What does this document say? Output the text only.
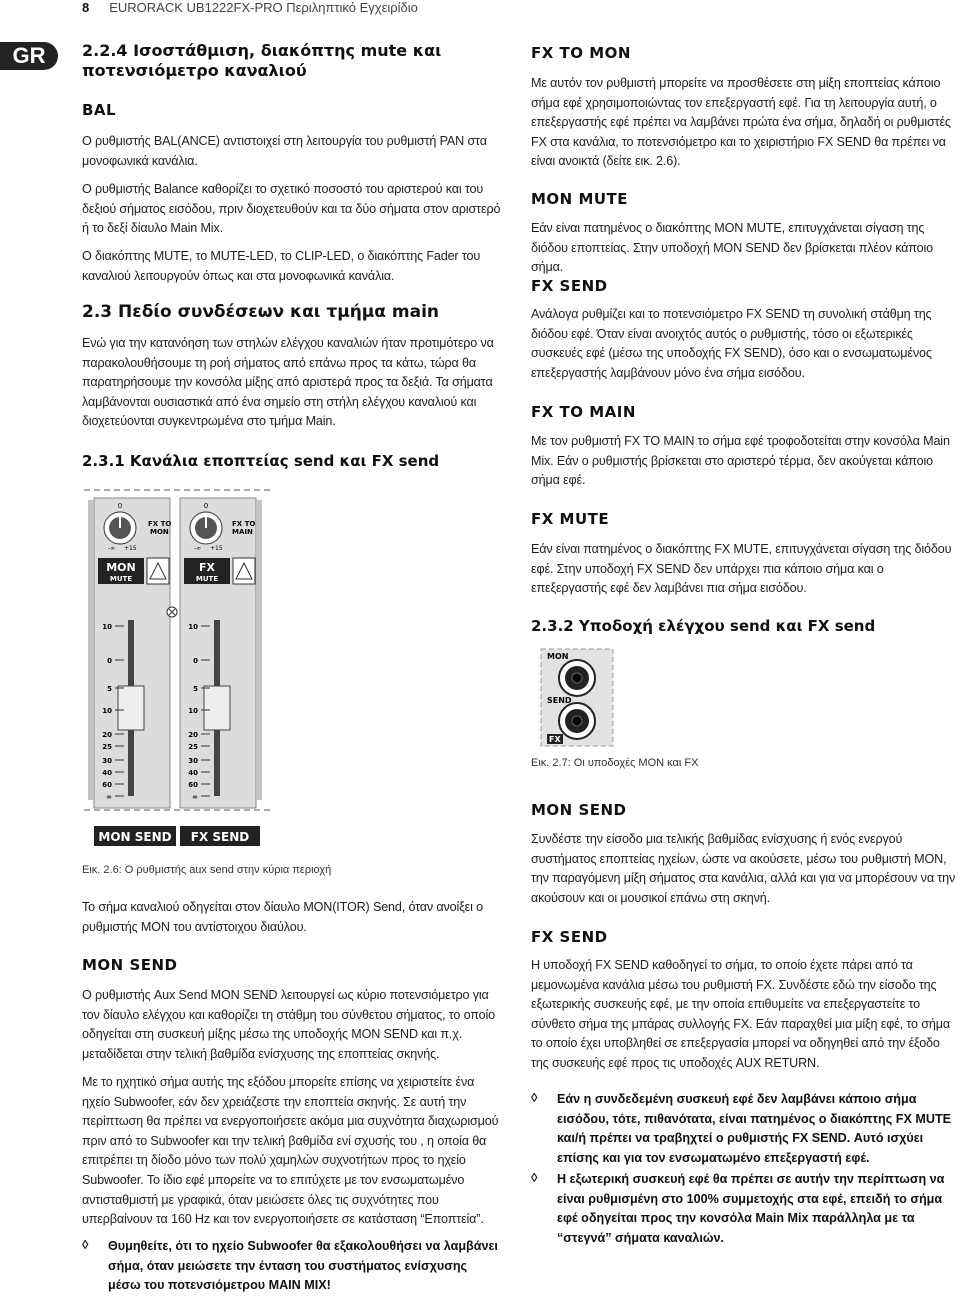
8 EURORACK UB1222FX-PRO Περιληπτικό Εγχειρίδιο
GR	2.2.4 Ισοστάθμιση, διακόπτης mute και ποτενσιόμετρο καναλιού

BAL

Ο ρυθμιστής BAL(ANCE) αντιστοιχεί στη λειτουργία του ρυθμιστή PAN στα μονοφωνικά κανάλια.

Ο ρυθμιστής Balance καθορίζει το σχετικό ποσοστό του αριστερού και του δεξιού σήματος εισόδου, πριν διοχετευθούν και τα δύο σήματα στον αριστερό ή το δεξί δίαυλο Main Mix.

Ο διακόπτης MUTE, το MUTE-LED, το CLIP-LED, ο διακόπτης Fader του καναλιού λειτουργούν όπως και στα μονοφωνικά κανάλια.

2.3 Πεδίο συνδέσεων και τμήμα main

Ενώ για την κατανόηση των στηλών ελέγχου καναλιών ήταν προτιμότερο να παρακολουθήσουμε τη ροή σήματος από επάνω προς τα κάτω, τώρα θα παρατηρήσουμε την κονσόλα μίξης από αριστερά προς τα δεξιά. Τα σήματα λαμβάνονται ουσιαστικά από ένα σημείο στη στήλη ελέγχου καναλιού και διοχετεύονται συγκεντρωμένα στο τμήμα Main.

2.3.1 Κανάλια εποπτείας send και FX send

0	0
-∞ +15	-∞ +15
FX TO
MON
FX TO
MAIN
MON
MUTE
FX
MUTE
10
0
5
10
20
25
30
40
60
∞
10
0
5
10
20
25
30
40
60
∞
MON SEND FX SEND

Εικ. 2.6: Ο ρυθμιστής aux send στην κύρια περιοχή

Το σήμα καναλιού οδηγείται στον δίαυλο MON(ITOR) Send, όταν ανοίξει ο ρυθμιστής MON του αντίστοιχου διαύλου.

MON SEND

Ο ρυθμιστής Aux Send MON SEND λειτουργεί ως κύριο ποτενσιόμετρο για τον δίαυλο ελέγχου και καθορίζει τη στάθμη του σύνθετου σήματος, το οποίο οδηγείται στη συσκευή μίξης μέσω της υποδοχής MON SEND και π.χ. μεταδίδεται στην τελική βαθμίδα ενίσχυσης της εποπτείας σκηνής.

Με το ηχητικό σήμα αυτής της εξόδου μπορείτε επίσης να χειριστείτε ένα ηχείο Subwoofer, εάν δεν χρειάζεστε την εποπτεία σκηνής. Σε αυτή την περίπτωση θα πρέπει να ενεργοποιήσετε ακόμα μια συχνότητα διαχωρισμού πριν από το Subwoofer και την τελική βαθμίδα ενί σχυσής του , η οποία θα επιτρέπει τη δίοδο μόνο των πολύ χαμηλών συχνοτήτων προς το ηχείο Subwoofer. Το ίδιο εφέ μπορείτε να το επιτύχετε με τον ενσωματωμένο αντισταθμιστή με γραφικά, όταν μειώσετε όλες τις συχνότητες που υπερβαίνουν τα 160 Hz και τον ενεργοποιήσετε σε κατάσταση “Εποπτεία”.

◊ Θυμηθείτε, ότι το ηχείο Subwoofer θα εξακολουθήσει να λαμβάνει σήμα, όταν μειώσετε την ένταση του συστήματος ενίσχυσης μέσω του ποτενσιόμετρου MAIN MIX!

FX TO MON

Με αυτόν τον ρυθμιστή μπορείτε να προσθέσετε στη μίξη εποπτείας κάποιο σήμα εφέ χρησιμοποιώντας τον επεξεργαστή εφέ. Για τη λειτουργία αυτή, ο επεξεργαστής εφέ πρέπει να λαμβάνει πρώτα ένα σήμα, δηλαδή οι ρυθμιστές FX στα κανάλια, το ποτενσιόμετρο και το χειριστήριο FX SEND θα πρέπει να είναι ανοικτά (δείτε εικ. 2.6).

MON MUTE

Εάν είναι πατημένος ο διακόπτης MON MUTE, επιτυγχάνεται σίγαση της διόδου εποπτείας. Στην υποδοχή MON SEND δεν βρίσκεται πλέον κάποιο σήμα.

FX SEND

Ανάλογα ρυθμίζει και το ποτενσιόμετρο FX SEND τη συνολική στάθμη της διόδου εφέ. Όταν είναι ανοιχτός αυτός ο ρυθμιστής, τόσο οι εξωτερικές συσκευές εφέ (μέσω της υποδοχής FX SEND), όσο και ο ενσωματωμένος επεξεργαστής λαμβάνουν μόνο ένα σήμα εισόδου.

FX TO MAIN

Με τον ρυθμιστή FX TO MAIN το σήμα εφέ τροφοδοτείται στην κονσόλα Main Mix. Εάν ο ρυθμιστής βρίσκεται στο αριστερό τέρμα, δεν ακούγεται κάποιο σήμα εφέ.

FX MUTE

Εάν είναι πατημένος ο διακόπτης FX MUTE, επιτυγχάνεται σίγαση της διόδου εφέ. Στην υποδοχή FX SEND δεν υπάρχει πια κάποιο σήμα και ο επεξεργαστής εφέ δεν λαμβάνει πια σήμα εισόδου.

2.3.2 Υποδοχή ελέγχου send και FX send

MON
SEND
FX

Εικ. 2.7: Οι υποδοχές MON και FX

MON SEND

Συνδέστε την είσοδο μια τελικής βαθμίδας ενίσχυσης ή ενός ενεργού συστήματος εποπτείας ηχείων, ώστε να ακούσετε, μέσω του ρυθμιστή MON, την παραγόμενη μίξη σήματος στα κανάλια, αλλά και για να μπορέσουν να την ακούσουν και οι μουσικοί επάνω στη σκηνή.

FX SEND

Η υποδοχή FX SEND καθοδηγεί το σήμα, το οποίο έχετε πάρει από τα μεμονωμένα κανάλια μέσω του ρυθμιστή FX. Συνδέστε εδώ την είσοδο της εξωτερικής συσκευής εφέ, με την οποία επιθυμείτε να επεξεργαστείτε το σύνθετο σήμα της μπάρας συλλογής FX. Εάν παραχθεί μια μίξη εφέ, το σήμα το οποίο έχει υποβληθεί σε επεξεργασία μπορεί να οδηγηθεί από την έξοδο της συσκευής εφέ προς τις υποδοχές AUX RETURN.

◊ Εάν η συνδεδεμένη συσκευή εφέ δεν λαμβάνει κάποιο σήμα εισόδου, τότε, πιθανότατα, είναι πατημένος ο διακόπτης FX MUTE και/ή πρέπει να τραβηχτεί ο ρυθμιστής FX SEND. Αυτό ισχύει επίσης και για τον ενσωματωμένο επεξεργαστή εφέ.
◊ Η εξωτερική συσκευή εφέ θα πρέπει σε αυτήν την περίπτωση να είναι ρυθμισμένη στο 100% συμμετοχής στα εφέ, επειδή το σήμα εφέ οδηγείται προς την κονσόλα Main Mix παράλληλα με τα “στεγνά” σήματα καναλιών.
